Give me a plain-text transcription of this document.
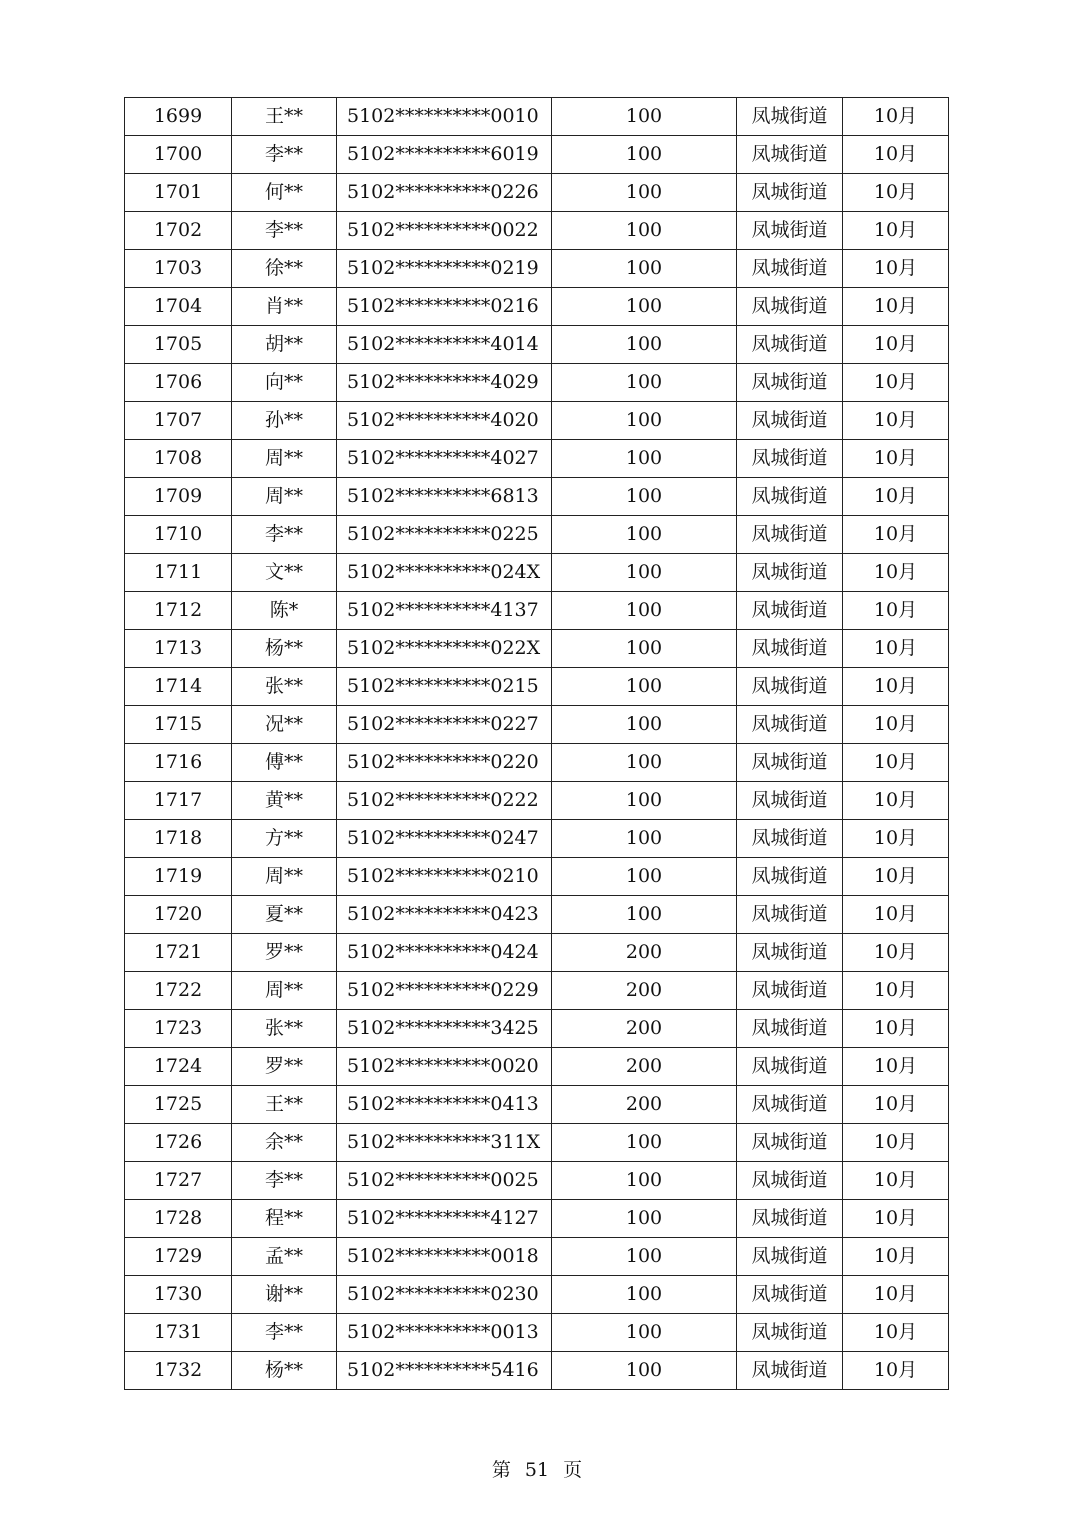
1699	王**	5102**********0010	100	凤城街道	10月
1700	李**	5102**********6019	100	凤城街道	10月
1701	何**	5102**********0226	100	凤城街道	10月
1702	李**	5102**********0022	100	凤城街道	10月
1703	徐**	5102**********0219	100	凤城街道	10月
1704	肖**	5102**********0216	100	凤城街道	10月
1705	胡**	5102**********4014	100	凤城街道	10月
1706	向**	5102**********4029	100	凤城街道	10月
1707	孙**	5102**********4020	100	凤城街道	10月
1708	周**	5102**********4027	100	凤城街道	10月
1709	周**	5102**********6813	100	凤城街道	10月
1710	李**	5102**********0225	100	凤城街道	10月
1711	文**	5102**********024X	100	凤城街道	10月
1712	陈*	5102**********4137	100	凤城街道	10月
1713	杨**	5102**********022X	100	凤城街道	10月
1714	张**	5102**********0215	100	凤城街道	10月
1715	况**	5102**********0227	100	凤城街道	10月
1716	傅**	5102**********0220	100	凤城街道	10月
1717	黄**	5102**********0222	100	凤城街道	10月
1718	方**	5102**********0247	100	凤城街道	10月
1719	周**	5102**********0210	100	凤城街道	10月
1720	夏**	5102**********0423	100	凤城街道	10月
1721	罗**	5102**********0424	200	凤城街道	10月
1722	周**	5102**********0229	200	凤城街道	10月
1723	张**	5102**********3425	200	凤城街道	10月
1724	罗**	5102**********0020	200	凤城街道	10月
1725	王**	5102**********0413	200	凤城街道	10月
1726	余**	5102**********311X	100	凤城街道	10月
1727	李**	5102**********0025	100	凤城街道	10月
1728	程**	5102**********4127	100	凤城街道	10月
1729	孟**	5102**********0018	100	凤城街道	10月
1730	谢**	5102**********0230	100	凤城街道	10月
1731	李**	5102**********0013	100	凤城街道	10月
1732	杨**	5102**********5416	100	凤城街道	10月
第 51 页
